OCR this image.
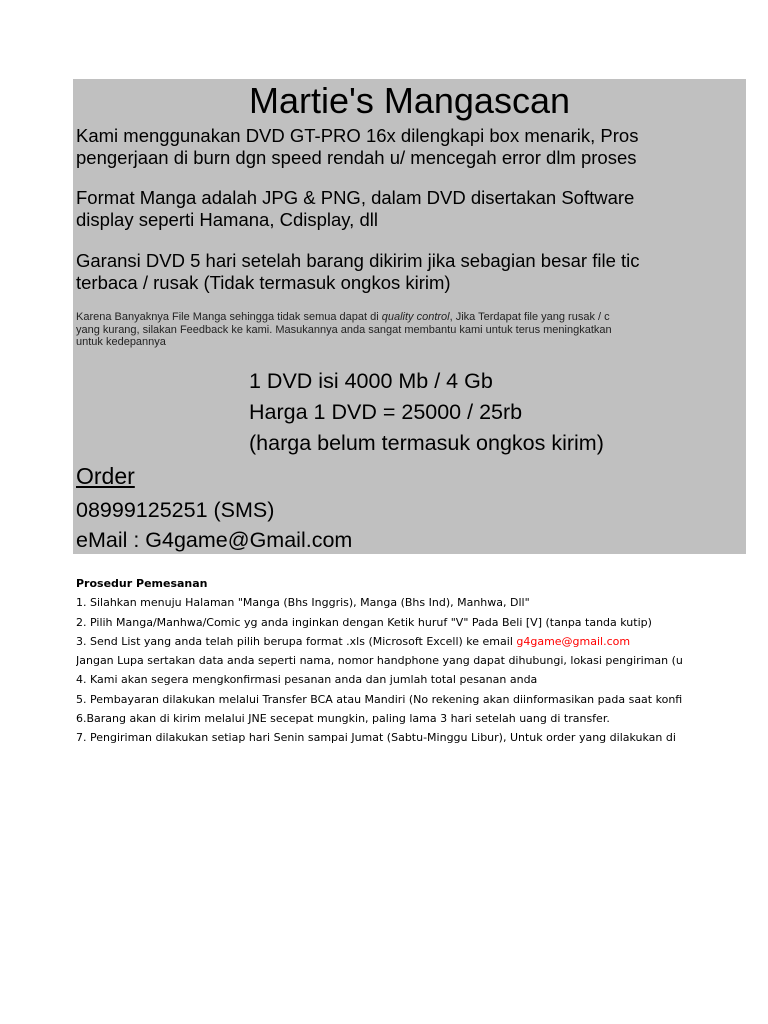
Martie's Mangascan
Kami menggunakan DVD GT-PRO 16x dilengkapi box menarik, Pros
pengerjaan di burn dgn speed rendah u/ mencegah error dlm proses
Format Manga adalah JPG & PNG, dalam DVD disertakan Software
display seperti Hamana, Cdisplay, dll
Garansi DVD 5 hari setelah barang dikirim jika sebagian besar file tic
terbaca / rusak (Tidak termasuk ongkos kirim)
Karena Banyaknya File Manga sehingga tidak semua dapat di quality control, Jika Terdapat file yang rusak / c
yang kurang, silakan Feedback ke kami. Masukannya anda sangat membantu kami untuk terus meningkatkan
untuk kedepannya
1 DVD isi 4000 Mb / 4 Gb
Harga 1 DVD = 25000 / 25rb
(harga belum termasuk ongkos kirim)
Order
08999125251 (SMS)
eMail : G4game@Gmail.com
Prosedur Pemesanan
1. Silahkan menuju Halaman "Manga (Bhs Inggris), Manga (Bhs Ind), Manhwa, Dll"
2. Pilih Manga/Manhwa/Comic yg anda inginkan dengan Ketik huruf "V" Pada Beli [V] (tanpa tanda kutip)
3. Send List yang anda telah pilih berupa format .xls (Microsoft Excell) ke email g4game@gmail.com
Jangan Lupa sertakan data anda seperti nama, nomor handphone yang dapat dihubungi, lokasi pengiriman (u
4. Kami akan segera mengkonfirmasi pesanan anda dan jumlah total pesanan anda
5. Pembayaran dilakukan melalui Transfer BCA atau Mandiri (No rekening akan diinformasikan pada saat konfi
6.Barang akan di kirim melalui JNE secepat mungkin, paling lama 3 hari setelah uang di transfer.
7. Pengiriman dilakukan setiap hari Senin sampai Jumat (Sabtu-Minggu Libur), Untuk order yang dilakukan di
